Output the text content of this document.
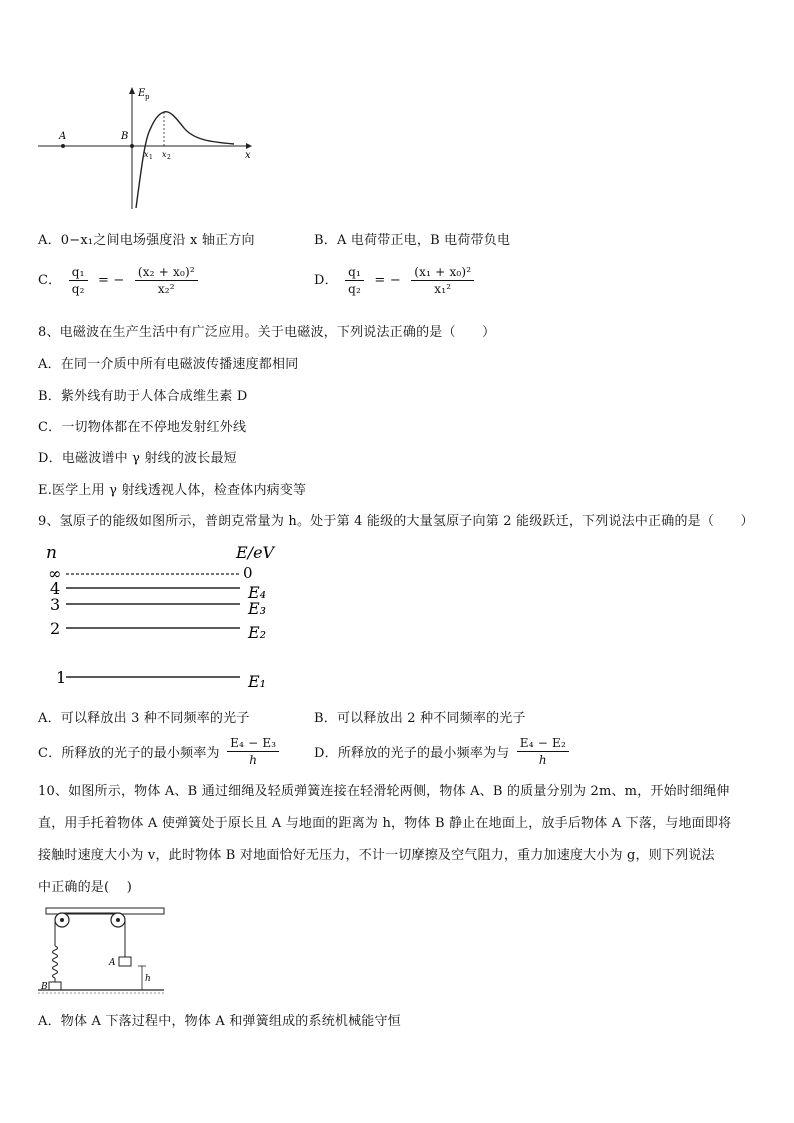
A	B
E p
x
x 1 x 2
A．0−x₁之间电场强度沿 x 轴正方向	B．A 电荷带正电，B 电荷带负电
C． $\frac{\text{q₁}}{\text{q₂}}$ = − $\frac{\text{(x₂ + x₀)²}}{\text{x₂²}}$	D． $\frac{\text{q₁}}{\text{q₂}}$ = − $\frac{\text{(x₁ + x₀)²}}{\text{x₁²}}$
8、电磁波在生产生活中有广泛应用。关于电磁波，下列说法正确的是（　　）
A．在同一介质中所有电磁波传播速度都相同
B．紫外线有助于人体合成维生素 D
C．一切物体都在不停地发射红外线
D．电磁波谱中 γ 射线的波长最短
E.医学上用 γ 射线透视人体，检查体内病变等
9、氢原子的能级如图所示，普朗克常量为 h。处于第 4 能级的大量氢原子向第 2 能级跃迁，下列说法中正确的是（　　）
n	E/eV
∞	0
4	E₄
3	E₃
2	E₂
1	E₁
A．可以释放出 3 种不同频率的光子	B．可以释放出 2 种不同频率的光子
C．所释放的光子的最小频率为 $\frac{\text{E₄ − E₃}}{h}$	D．所释放的光子的最小频率为与 $\frac{\text{E₄ − E₂}}{h}$
10、如图所示，物体 A、B 通过细绳及轻质弹簧连接在轻滑轮两侧，物体 A、B 的质量分别为 2m、m，开始时细绳伸
直，用手托着物体 A 使弹簧处于原长且 A 与地面的距离为 h，物体 B 静止在地面上，放手后物体 A 下落，与地面即将
接触时速度大小为 v，此时物体 B 对地面恰好无压力，不计一切摩擦及空气阻力，重力加速度大小为 g，则下列说法
中正确的是(　 )
A
B
h
A．物体 A 下落过程中，物体 A 和弹簧组成的系统机械能守恒
